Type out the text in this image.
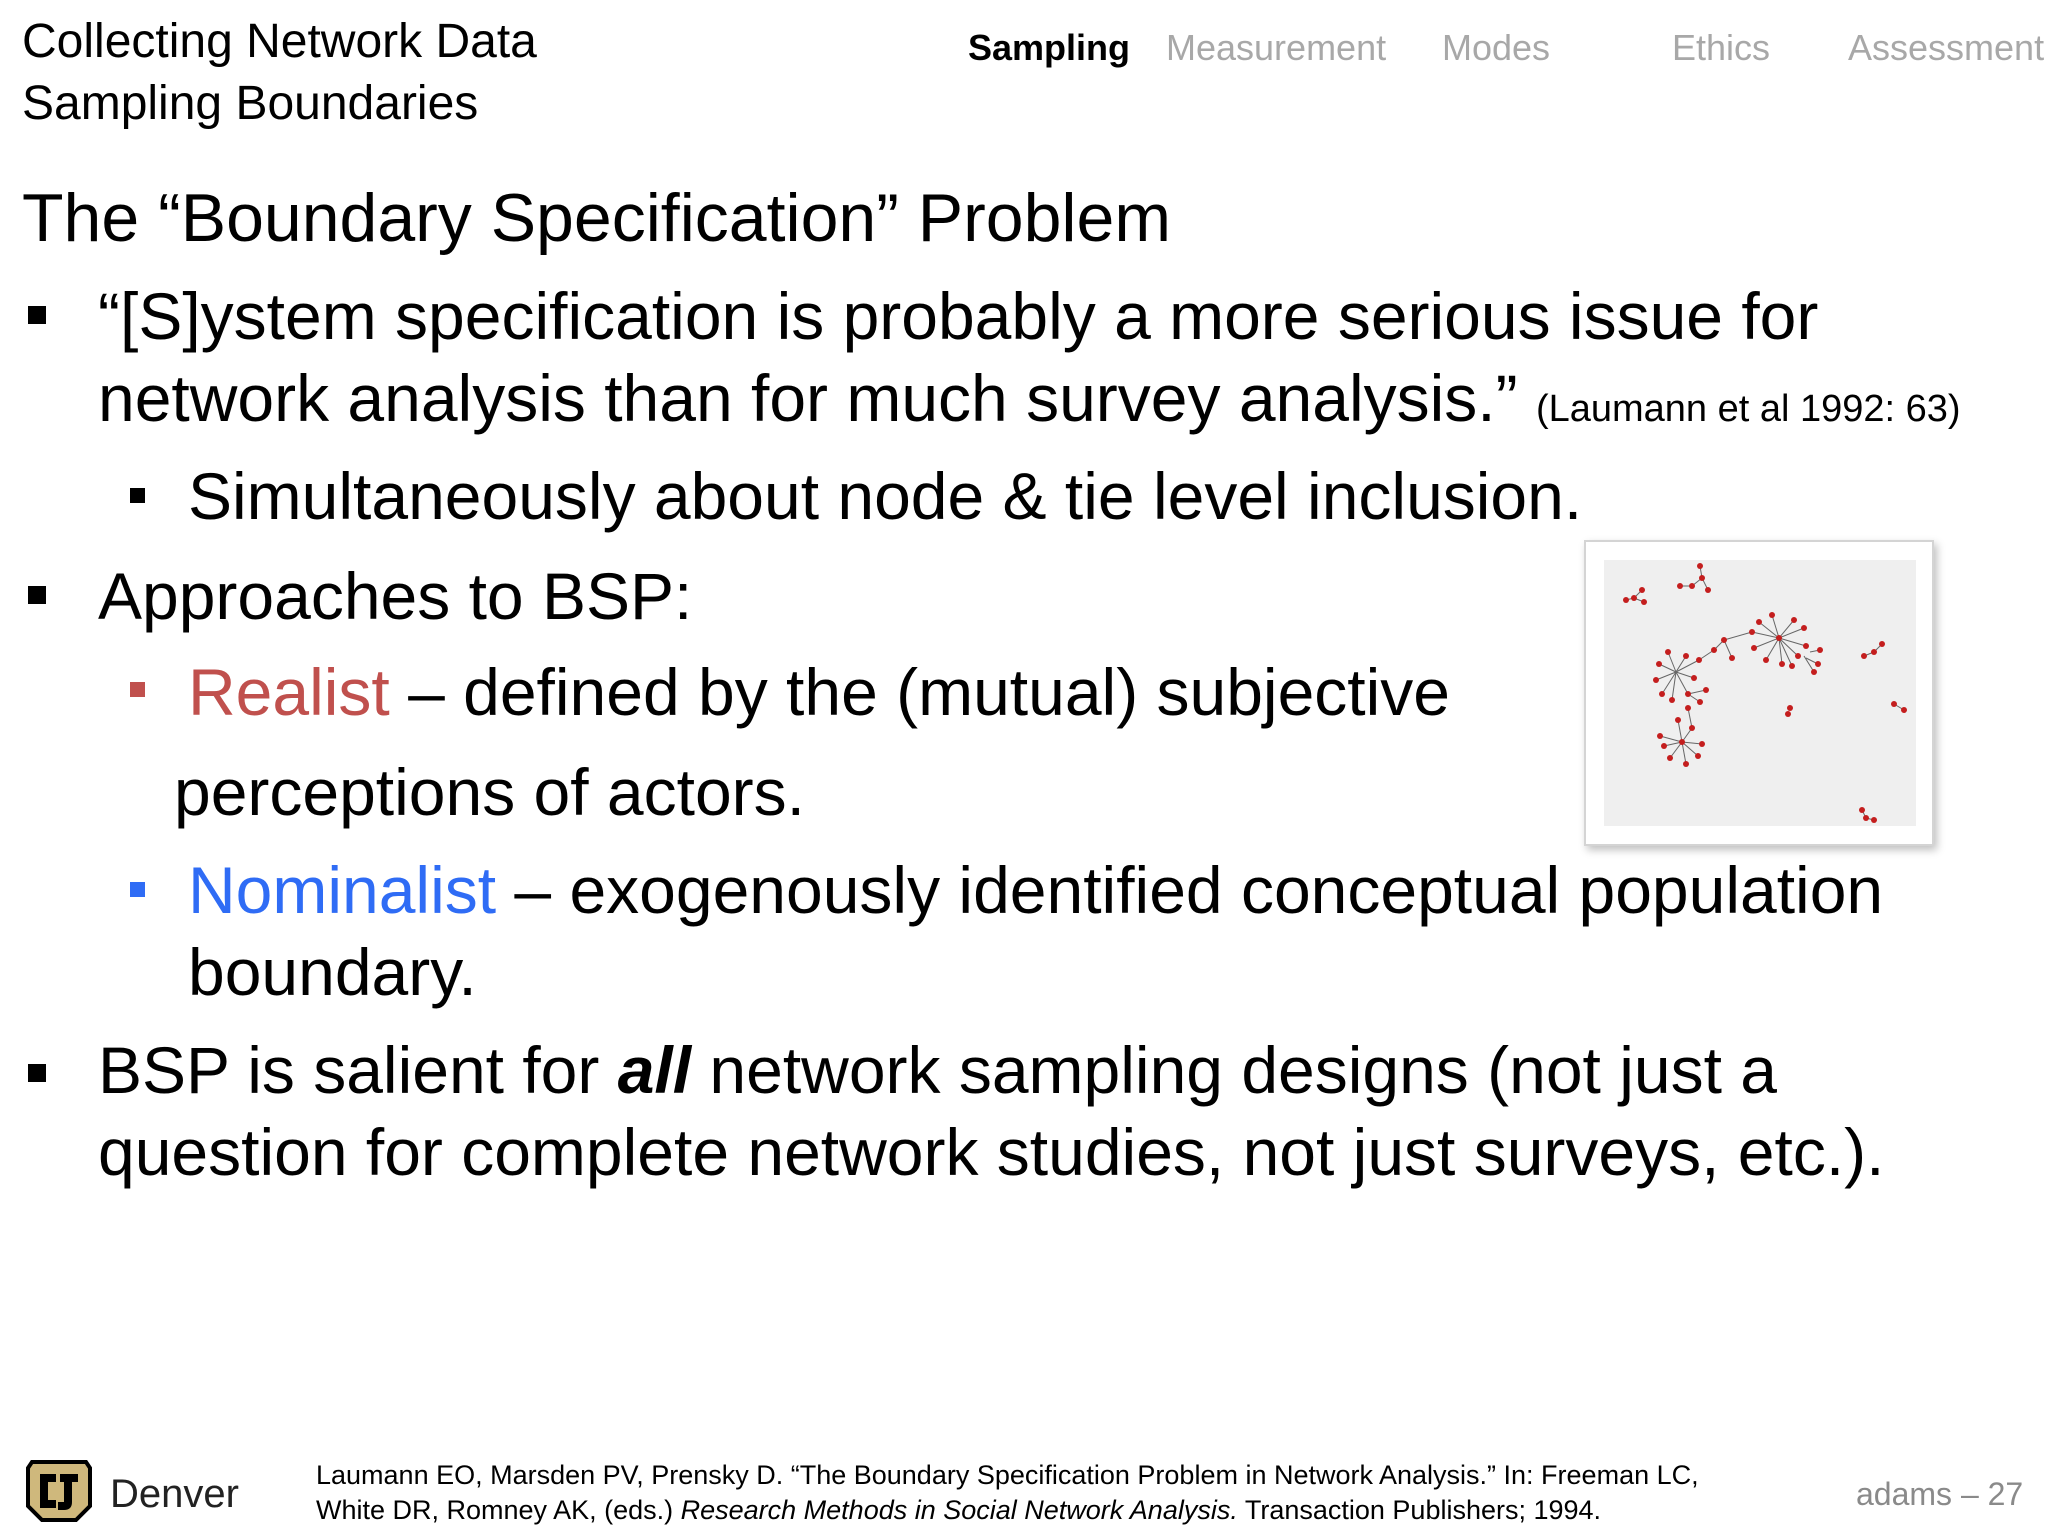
Collecting Network Data
Sampling Boundaries
Sampling Measurement Modes	Ethics Assessment
The “Boundary Specification” Problem
“[S]ystem specification is probably a more serious issue for
network analysis than for much survey analysis.” (Laumann et al 1992: 63)
Simultaneously about node & tie level inclusion.
Approaches to BSP:
Realist – defined by the (mutual) subjective
perceptions of actors.
Nominalist – exogenously identified conceptual population
boundary.
BSP is salient for all network sampling designs (not just a
question for complete network studies, not just surveys, etc.).
Denver	Laumann EO, Marsden PV, Prensky D. “The Boundary Specification Problem in Network Analysis.” In: Freeman LC,
White DR, Romney AK, (eds.) Research Methods in Social Network Analysis. Transaction Publishers; 1994.	adams – 27
